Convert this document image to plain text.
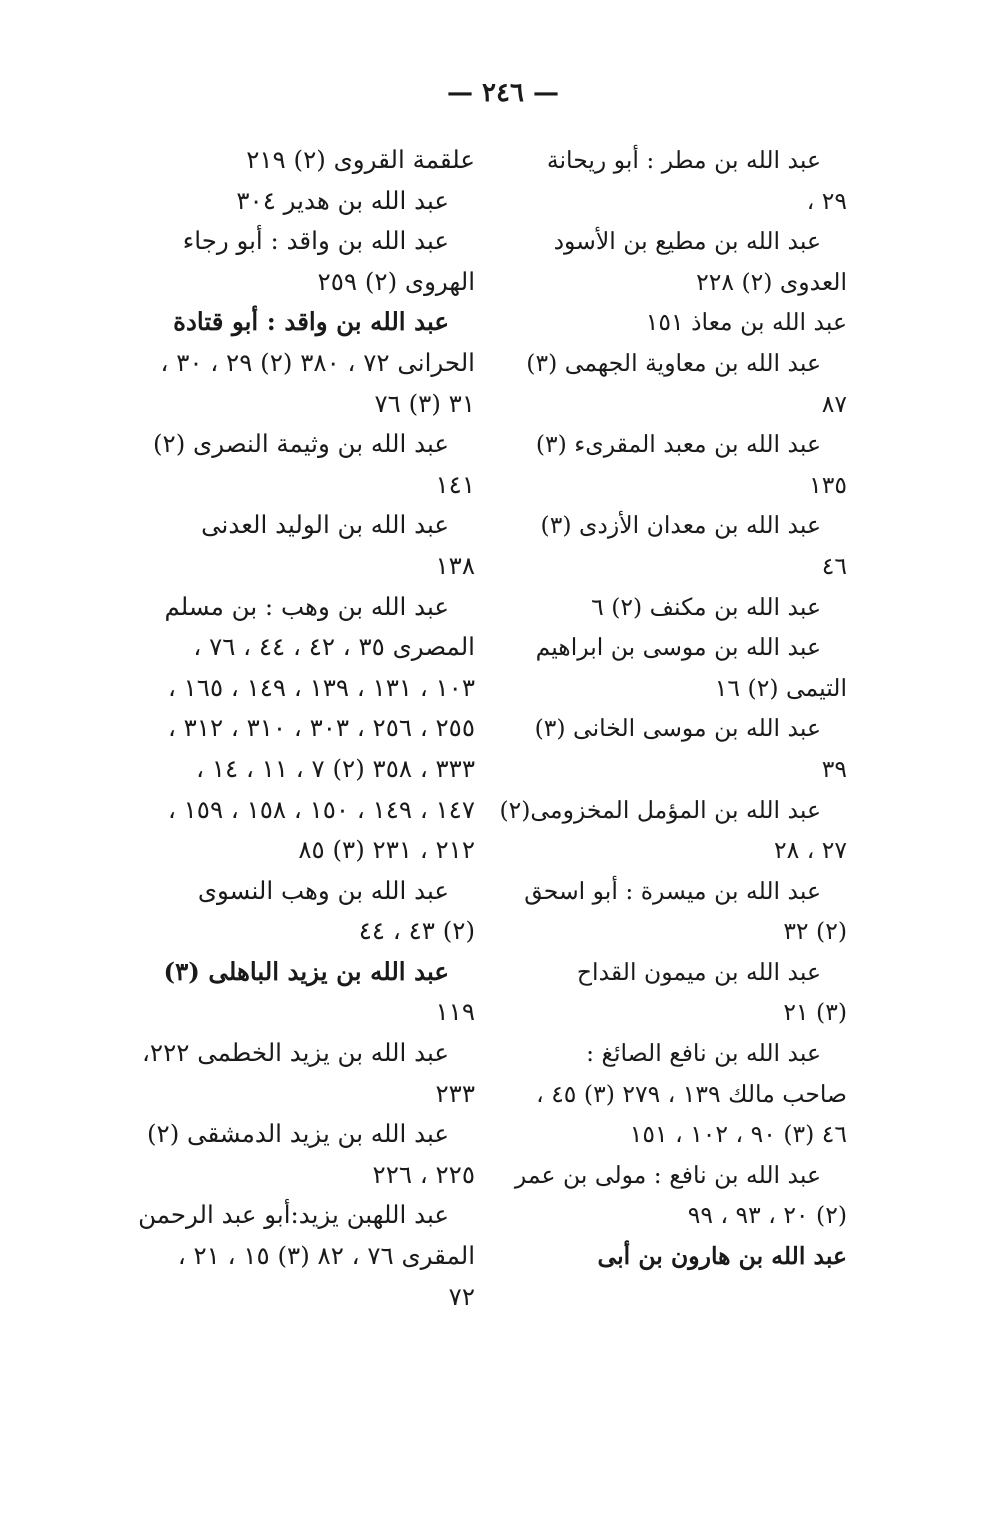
— ٢٤٦ —
عبد الله بن مطر : أبو ريحانة
٢٩ ،
عبد الله بن مطيع بن الأسود
العدوى (٢) ٢٢٨
عبد الله بن معاذ ١٥١
عبد الله بن معاوية الجهمى (٣)
٨٧
عبد الله بن معبد المقرىء (٣)
١٣٥
عبد الله بن معدان الأزدى (٣)
٤٦
عبد الله بن مكنف (٢) ٦
عبد الله بن موسى بن ابراهيم
التيمى (٢) ١٦
عبد الله بن موسى الخانى (٣)
٣٩
عبد الله بن المؤمل المخزومى(٢)
٢٧ ، ٢٨
عبد الله بن ميسرة : أبو اسحق
(٢) ٣٢
عبد الله بن ميمون القداح
(٣) ٢١
عبد الله بن نافع الصائغ :
صاحب مالك ١٣٩ ، ٢٧٩ (٣) ٤٥ ،
٤٦ (٣) ٩٠ ، ١٠٢ ، ١٥١
عبد الله بن نافع : مولى بن عمر
(٢) ٢٠ ، ٩٣ ، ٩٩
عبد الله بن هارون بن أبى
علقمة القروى (٢) ٢١٩
عبد الله بن هدير ٣٠٤
عبد الله بن واقد : أبو رجاء
الهروى (٢) ٢٥٩
عبد الله بن واقد : أبو قتادة
الحرانى ٧٢ ، ٣٨٠ (٢) ٢٩ ، ٣٠ ،
٣١ (٣) ٧٦
عبد الله بن وثيمة النصرى (٢)
١٤١
عبد الله بن الوليد العدنى
١٣٨
عبد الله بن وهب : بن مسلم
المصرى ٣٥ ، ٤٢ ، ٤٤ ، ٧٦ ،
١٠٣ ، ١٣١ ، ١٣٩ ، ١٤٩ ، ١٦٥ ،
٢٥٥ ، ٢٥٦ ، ٣٠٣ ، ٣١٠ ، ٣١٢ ،
٣٣٣ ، ٣٥٨ (٢) ٧ ، ١١ ، ١٤ ،
١٤٧ ، ١٤٩ ، ١٥٠ ، ١٥٨ ، ١٥٩ ،
٢١٢ ، ٢٣١ (٣) ٨٥
عبد الله بن وهب النسوى
(٢) ٤٣ ، ٤٤
عبد الله بن يزيد الباهلى (٣)
١١٩
عبد الله بن يزيد الخطمى ٢٢٢،
٢٣٣
عبد الله بن يزيد الدمشقى (٢)
٢٢٥ ، ٢٢٦
عبد اللهبن يزيد:أبو عبد الرحمن
المقرى ٧٦ ، ٨٢ (٣) ١٥ ، ٢١ ،
٧٢
